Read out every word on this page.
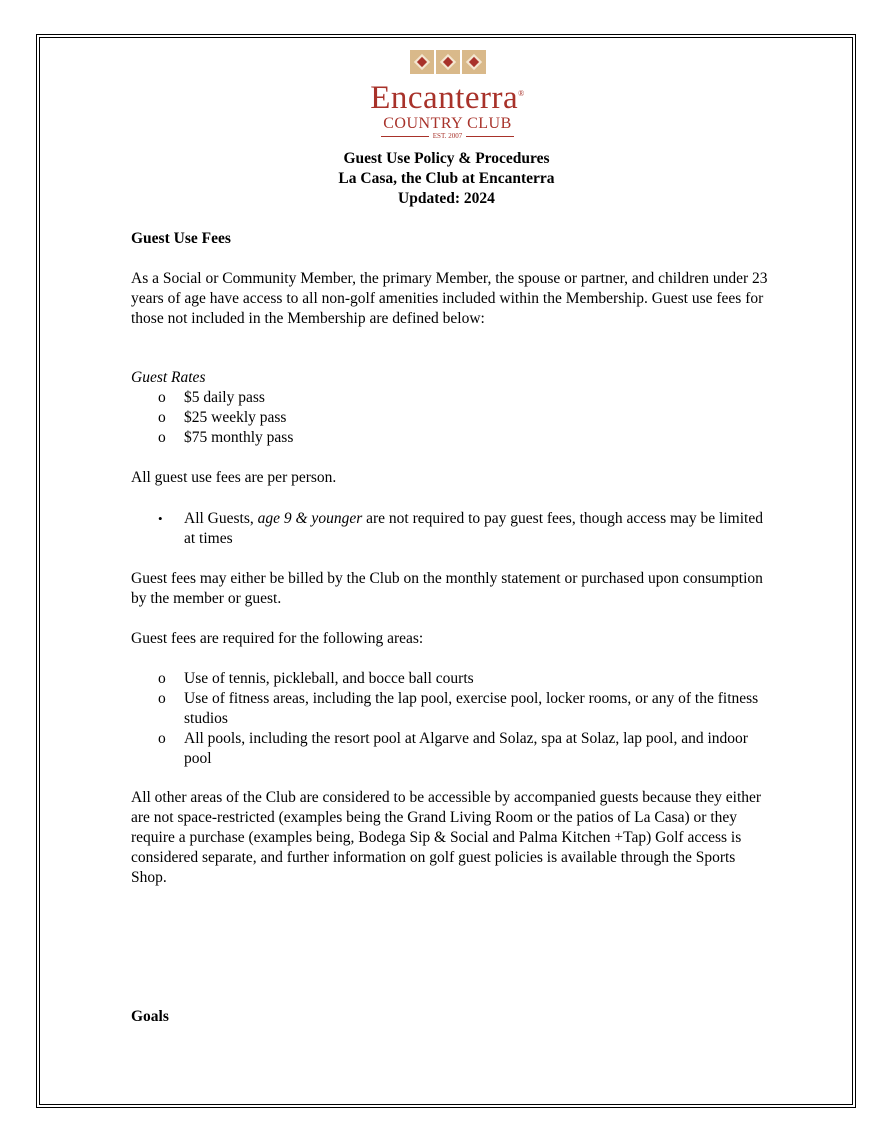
Encanterra®
COUNTRY CLUB
EST. 2007
Guest Use Policy & Procedures
La Casa, the Club at Encanterra
Updated: 2024
Guest Use Fees
As a Social or Community Member, the primary Member, the spouse or partner, and children under 23 years of age have access to all non-golf amenities included within the Membership. Guest use fees for those not included in the Membership are defined below:
Guest Rates
o $5 daily pass
o $25 weekly pass
o $75 monthly pass
All guest use fees are per person.
• All Guests, age 9 & younger are not required to pay guest fees, though access may be limited at times
Guest fees may either be billed by the Club on the monthly statement or purchased upon consumption by the member or guest.
Guest fees are required for the following areas:
o Use of tennis, pickleball, and bocce ball courts
o Use of fitness areas, including the lap pool, exercise pool, locker rooms, or any of the fitness studios
o All pools, including the resort pool at Algarve and Solaz, spa at Solaz, lap pool, and indoor pool
All other areas of the Club are considered to be accessible by accompanied guests because they either are not space-restricted (examples being the Grand Living Room or the patios of La Casa) or they require a purchase (examples being, Bodega Sip & Social and Palma Kitchen +Tap) Golf access is considered separate, and further information on golf guest policies is available through the Sports Shop.
Goals
